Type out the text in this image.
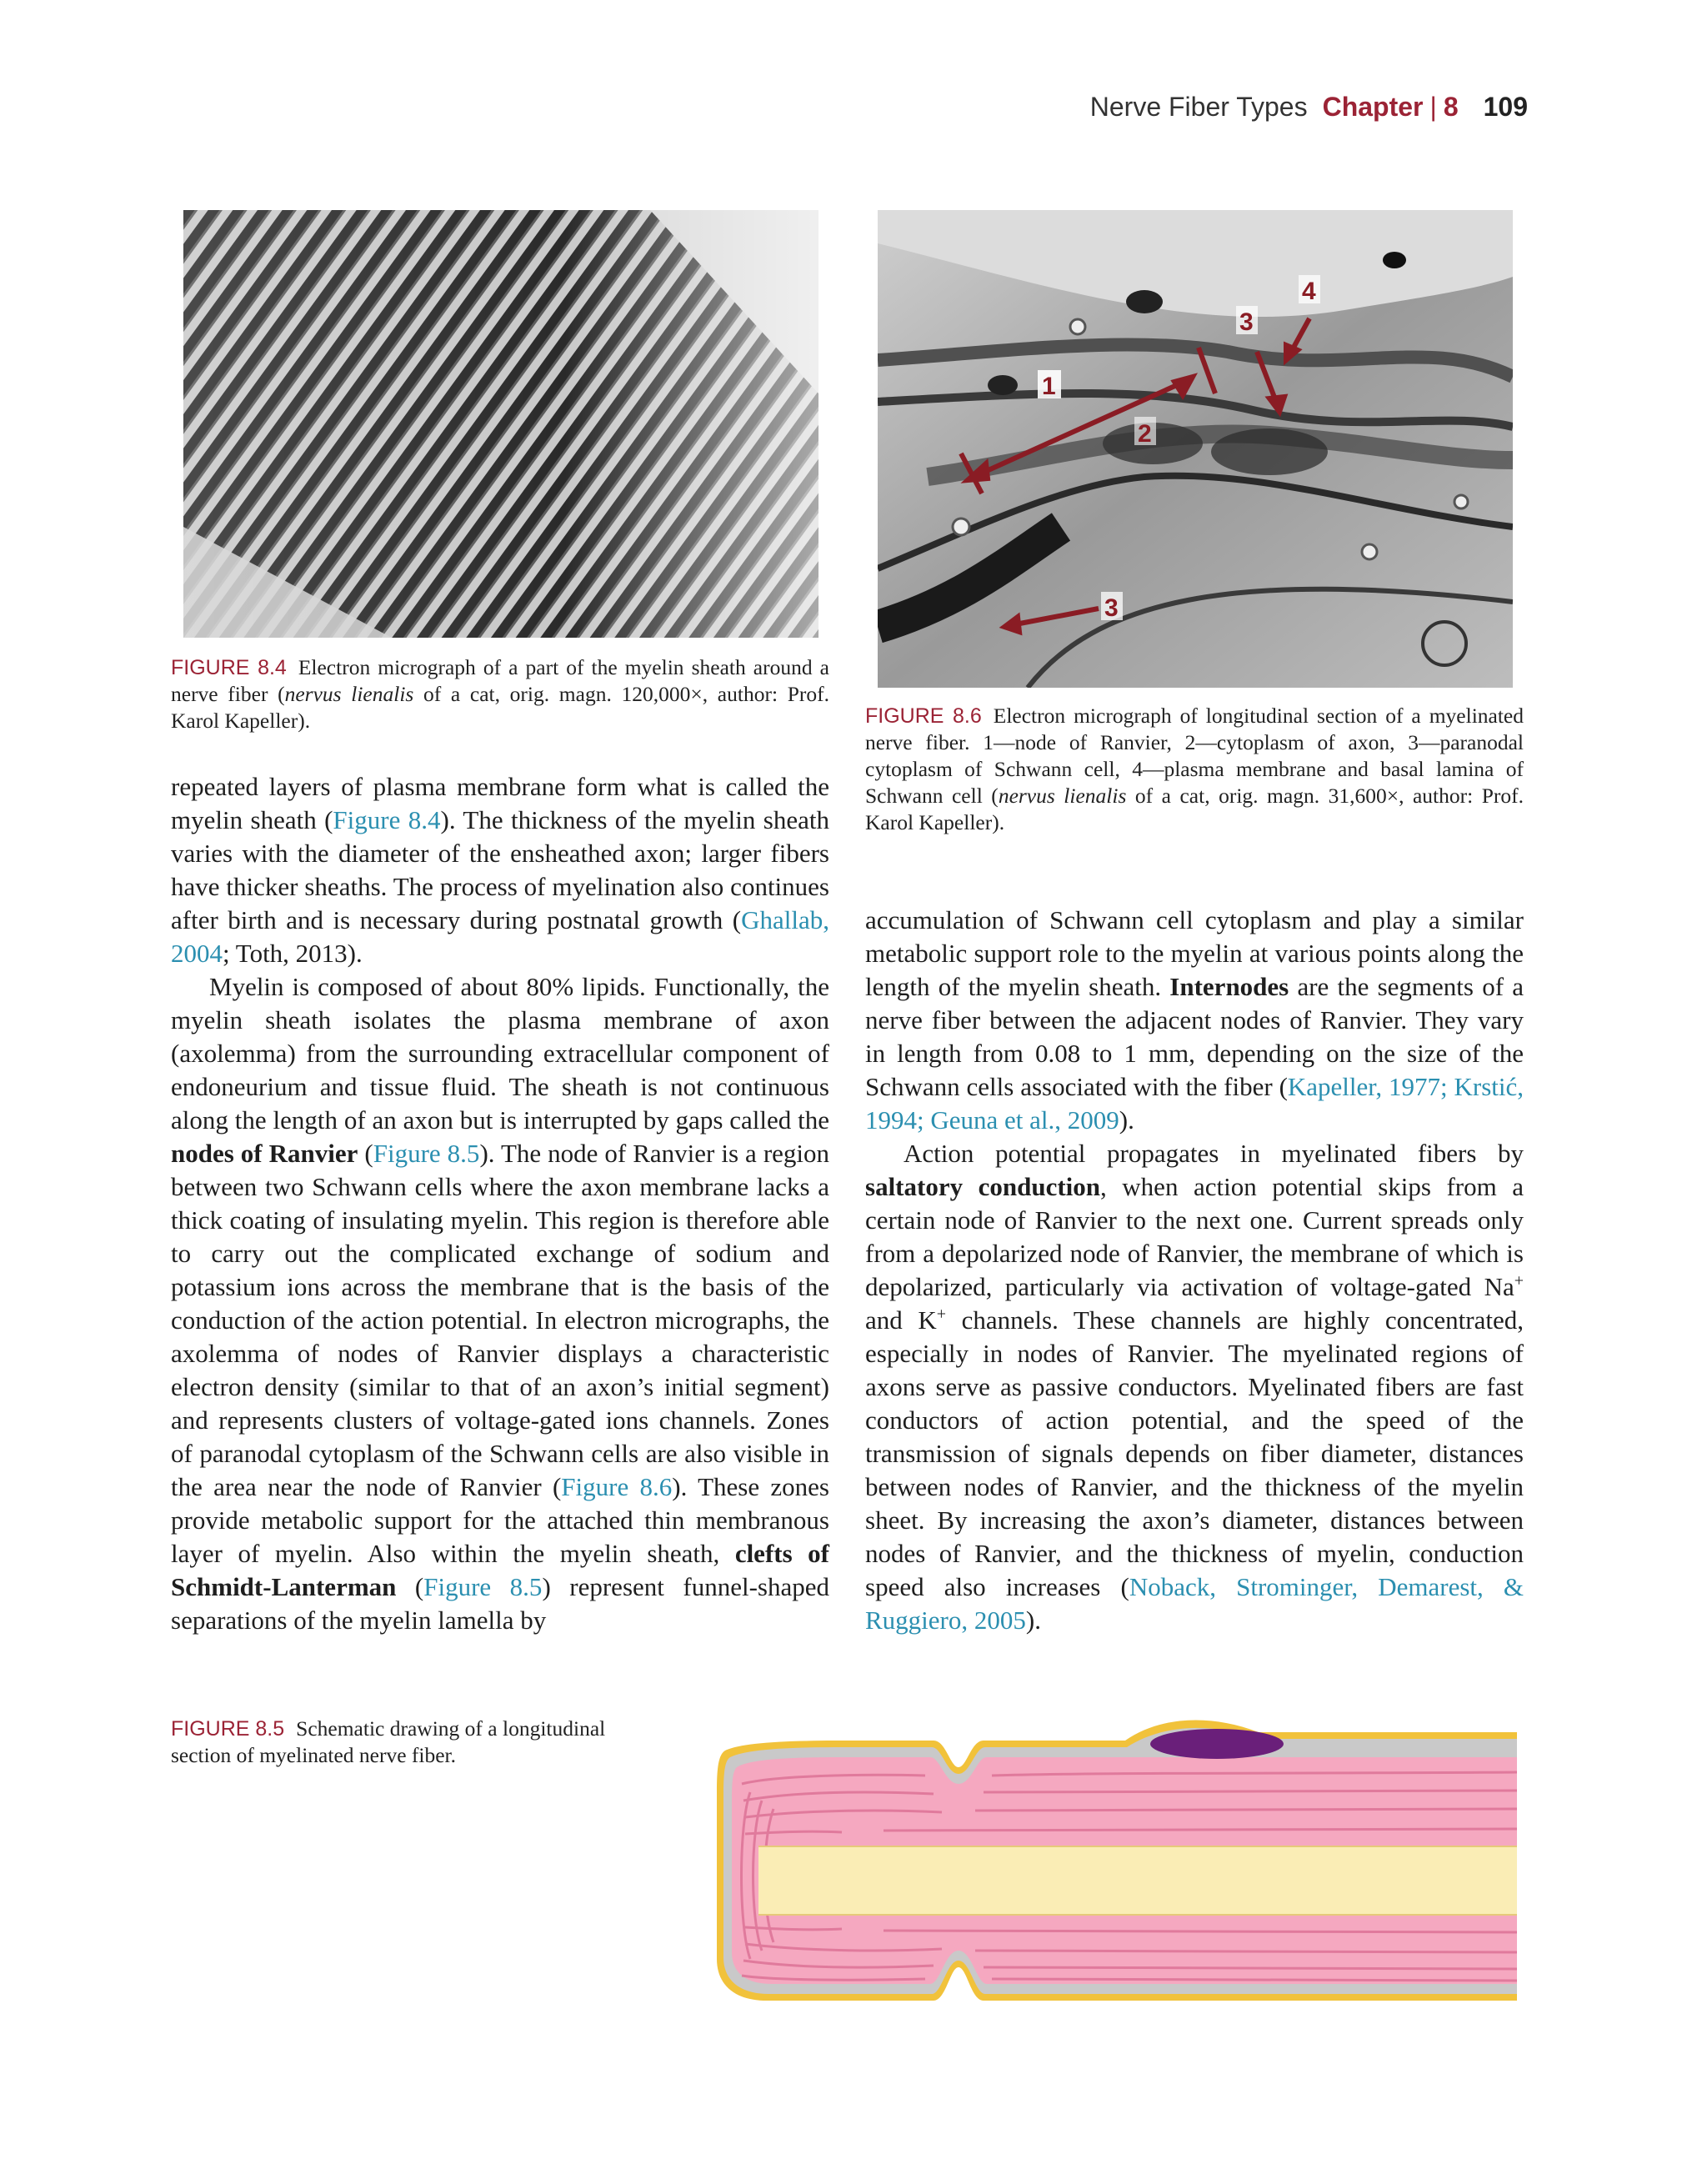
Nerve Fiber Types Chapter | 8 109
FIGURE 8.4 Electron micrograph of a part of the myelin sheath around a nerve fiber (nervus lienalis of a cat, orig. magn. 120,000×, author: Prof. Karol Kapeller).
1
2
3
3
4
FIGURE 8.6 Electron micrograph of longitudinal section of a myelinated nerve fiber. 1—node of Ranvier, 2—cytoplasm of axon, 3—paranodal cytoplasm of Schwann cell, 4—plasma membrane and basal lamina of Schwann cell (nervus lienalis of a cat, orig. magn. 31,600×, author: Prof. Karol Kapeller).

repeated layers of plasma membrane form what is called the myelin sheath (Figure 8.4). The thickness of the myelin sheath varies with the diameter of the ensheathed axon; larger fibers have thicker sheaths. The process of myelination also continues after birth and is necessary during postnatal growth (Ghallab, 2004; Toth, 2013).

Myelin is composed of about 80% lipids. Functionally, the myelin sheath isolates the plasma membrane of axon (axolemma) from the surrounding extracellular component of endoneurium and tissue fluid. The sheath is not continuous along the length of an axon but is interrupted by gaps called the nodes of Ranvier (Figure 8.5). The node of Ranvier is a region between two Schwann cells where the axon membrane lacks a thick coating of insulating myelin. This region is therefore able to carry out the complicated exchange of sodium and potassium ions across the membrane that is the basis of the conduction of the action potential. In electron micrographs, the axolemma of nodes of Ranvier displays a characteristic electron density (similar to that of an axon’s initial segment) and represents clusters of voltage-gated ions channels. Zones of paranodal cytoplasm of the Schwann cells are also visible in the area near the node of Ranvier (Figure 8.6). These zones provide metabolic support for the attached thin membranous layer of myelin. Also within the myelin sheath, clefts of Schmidt-Lanterman (Figure 8.5) represent funnel-shaped separations of the myelin lamella by

accumulation of Schwann cell cytoplasm and play a similar metabolic support role to the myelin at various points along the length of the myelin sheath. Internodes are the segments of a nerve fiber between the adjacent nodes of Ranvier. They vary in length from 0.08 to 1 mm, depending on the size of the Schwann cells associated with the fiber (Kapeller, 1977; Krstić, 1994; Geuna et al., 2009).

Action potential propagates in myelinated fibers by saltatory conduction, when action potential skips from a certain node of Ranvier to the next one. Current spreads only from a depolarized node of Ranvier, the membrane of which is depolarized, particularly via activation of voltage-gated Na+ and K+ channels. These channels are highly concentrated, especially in nodes of Ranvier. The myelinated regions of axons serve as passive conductors. Myelinated fibers are fast conductors of action potential, and the speed of the transmission of signals depends on fiber diameter, distances between nodes of Ranvier, and the thickness of the myelin sheet. By increasing the axon’s diameter, distances between nodes of Ranvier, and the thickness of myelin, conduction speed also increases (Noback, Strominger, Demarest, & Ruggiero, 2005).

FIGURE 8.5 Schematic drawing of a longitudinal section of myelinated nerve fiber.
